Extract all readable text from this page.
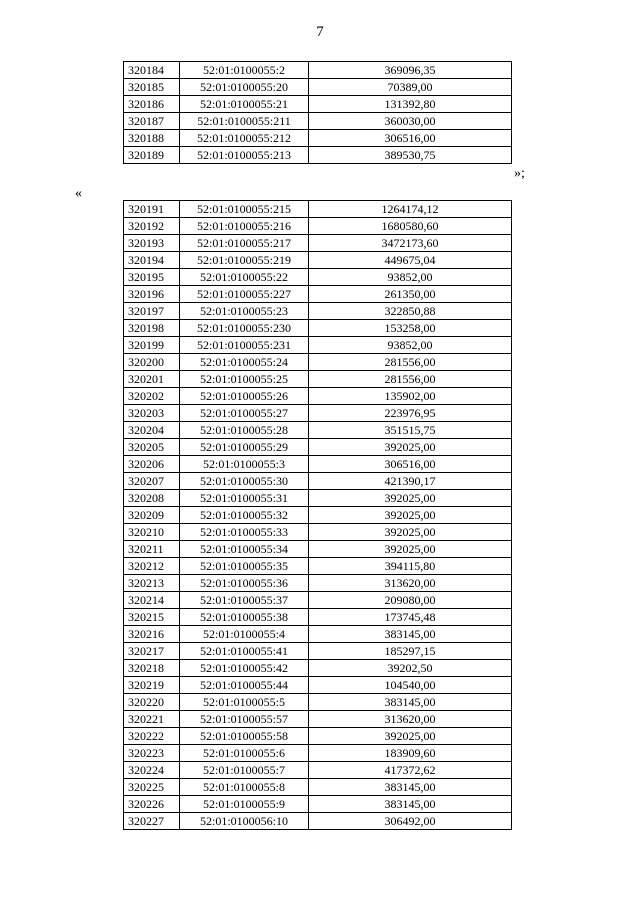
7
320184	52:01:0100055:2	369096,35
320185	52:01:0100055:20	70389,00
320186	52:01:0100055:21	131392,80
320187	52:01:0100055:211	360030,00
320188	52:01:0100055:212	306516,00
320189	52:01:0100055:213	389530,75
»;
«
320191	52:01:0100055:215	1264174,12
320192	52:01:0100055:216	1680580,60
320193	52:01:0100055:217	3472173,60
320194	52:01:0100055:219	449675,04
320195	52:01:0100055:22	93852,00
320196	52:01:0100055:227	261350,00
320197	52:01:0100055:23	322850,88
320198	52:01:0100055:230	153258,00
320199	52:01:0100055:231	93852,00
320200	52:01:0100055:24	281556,00
320201	52:01:0100055:25	281556,00
320202	52:01:0100055:26	135902,00
320203	52:01:0100055:27	223976,95
320204	52:01:0100055:28	351515,75
320205	52:01:0100055:29	392025,00
320206	52:01:0100055:3	306516,00
320207	52:01:0100055:30	421390,17
320208	52:01:0100055:31	392025,00
320209	52:01:0100055:32	392025,00
320210	52:01:0100055:33	392025,00
320211	52:01:0100055:34	392025,00
320212	52:01:0100055:35	394115,80
320213	52:01:0100055:36	313620,00
320214	52:01:0100055:37	209080,00
320215	52:01:0100055:38	173745,48
320216	52:01:0100055:4	383145,00
320217	52:01:0100055:41	185297,15
320218	52:01:0100055:42	39202,50
320219	52:01:0100055:44	104540,00
320220	52:01:0100055:5	383145,00
320221	52:01:0100055:57	313620,00
320222	52:01:0100055:58	392025,00
320223	52:01:0100055:6	183909,60
320224	52:01:0100055:7	417372,62
320225	52:01:0100055:8	383145,00
320226	52:01:0100055:9	383145,00
320227	52:01:0100056:10	306492,00
